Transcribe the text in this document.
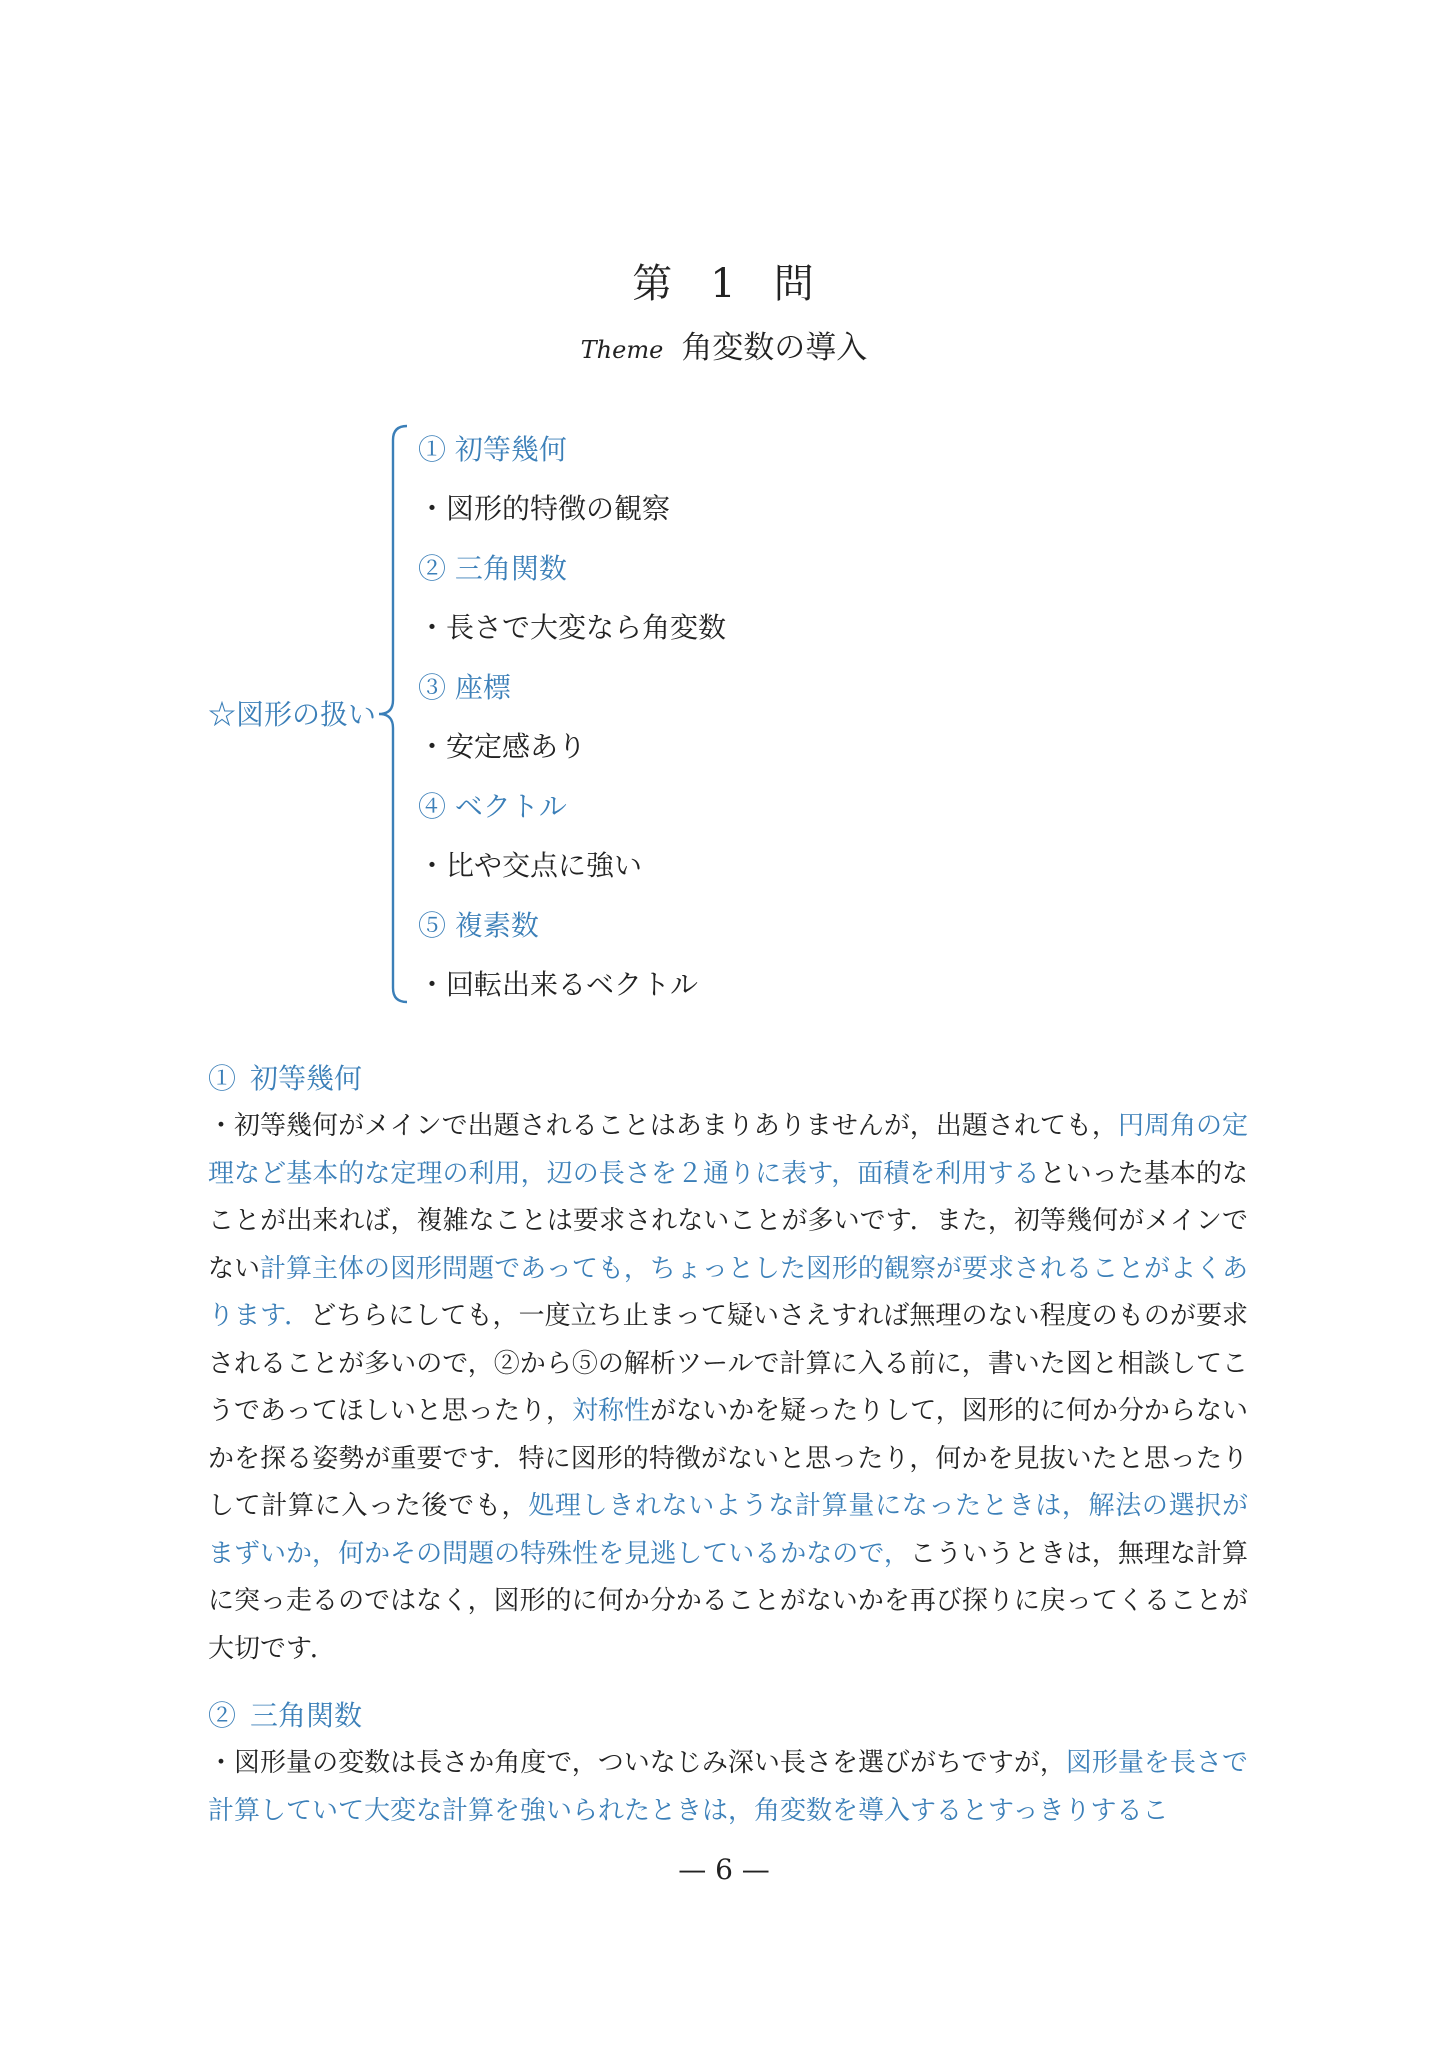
第 1 問
Theme 角変数の導入
☆図形の扱い
① 初等幾何
・図形的特徴の観察
② 三角関数
・長さで大変なら角変数
③ 座標
・安定感あり
④ ベクトル
・比や交点に強い
⑤ 複素数
・回転出来るベクトル
① 初等幾何
・初等幾何がメインで出題されることはあまりありませんが，出題されても，円周角の定理など基本的な定理の利用，辺の長さを２通りに表す，面積を利用するといった基本的なことが出来れば，複雑なことは要求されないことが多いです．また，初等幾何がメインでない計算主体の図形問題であっても，ちょっとした図形的観察が要求されることがよくあります．どちらにしても，一度立ち止まって疑いさえすれば無理のない程度のものが要求されることが多いので，②から⑤の解析ツールで計算に入る前に，書いた図と相談してこうであってほしいと思ったり，対称性がないかを疑ったりして，図形的に何か分からないかを探る姿勢が重要です．特に図形的特徴がないと思ったり，何かを見抜いたと思ったりして計算に入った後でも，処理しきれないような計算量になったときは，解法の選択がまずいか，何かその問題の特殊性を見逃しているかなので，こういうときは，無理な計算に突っ走るのではなく，図形的に何か分かることがないかを再び探りに戻ってくることが大切です．
② 三角関数
・図形量の変数は長さか角度で，ついなじみ深い長さを選びがちですが，図形量を長さで計算していて大変な計算を強いられたときは，角変数を導入するとすっきりするこ
— 6 —
